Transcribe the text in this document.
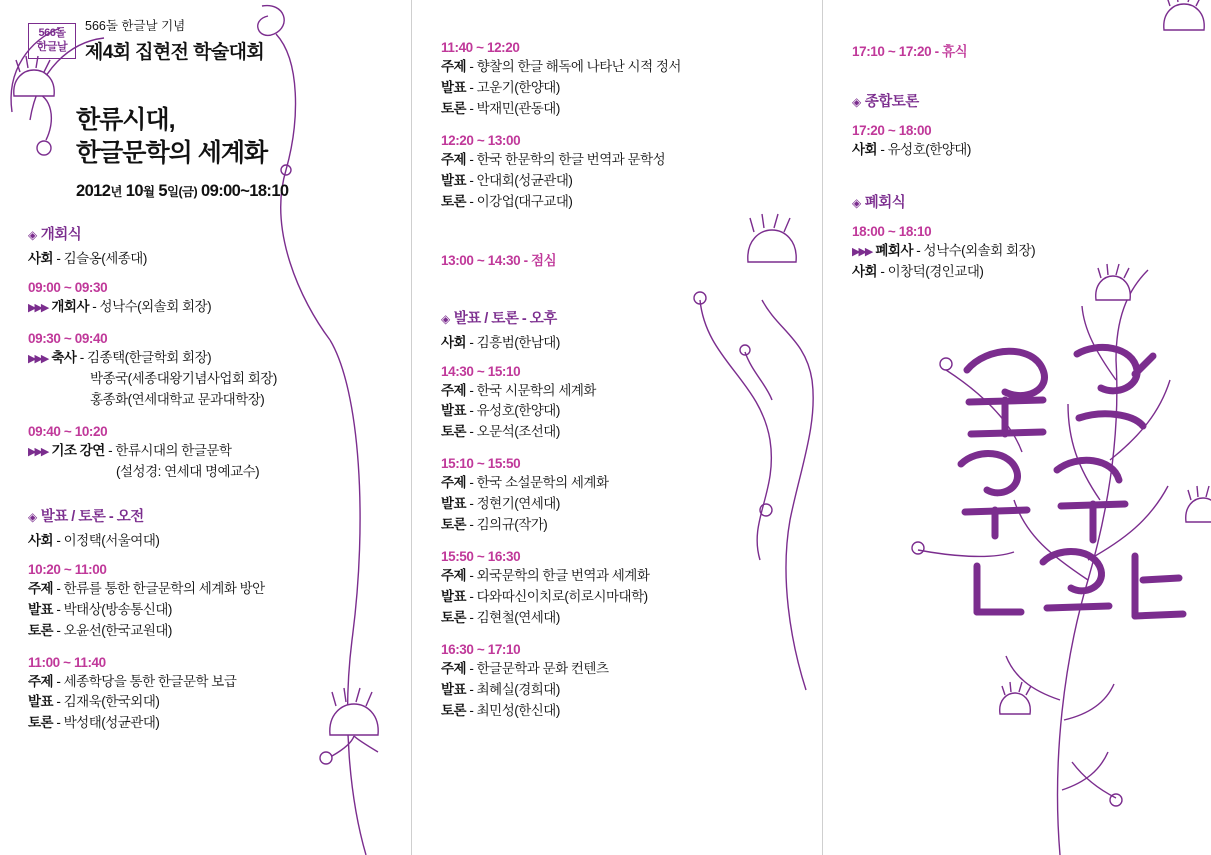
566돌
한글날
566돌 한글날 기념
제4회 집현전 학술대회
한류시대,
한글문학의 세계화
2012년 10월 5일(금) 09:00~18:10
◈ 개회식
사회 - 김슬옹(세종대)
09:00 ~ 09:30
▶▶▶ 개회사 - 성낙수(외솔회 회장)
09:30 ~ 09:40
▶▶▶ 축사 - 김종택(한글학회 회장)
박종국(세종대왕기념사업회 회장)
홍종화(연세대학교 문과대학장)
09:40 ~ 10:20
▶▶▶ 기조 강연 - 한류시대의 한글문학
(설성경: 연세대 명예교수)
◈ 발표 / 토론 - 오전
사회 - 이정택(서울여대)
10:20 ~ 11:00
주제 - 한류를 통한 한글문학의 세계화 방안
발표 - 박태상(방송통신대)
토론 - 오윤선(한국교원대)
11:00 ~ 11:40
주제 - 세종학당을 통한 한글문학 보급
발표 - 김재욱(한국외대)
토론 - 박성태(성균관대)
11:40 ~ 12:20
주제 - 향찰의 한글 해독에 나타난 시적 정서
발표 - 고운기(한양대)
토론 - 박재민(관동대)
12:20 ~ 13:00
주제 - 한국 한문학의 한글 번역과 문학성
발표 - 안대회(성균관대)
토론 - 이강업(대구교대)
13:00 ~ 14:30 - 점심
◈ 발표 / 토론 - 오후
사회 - 김흥범(한남대)
14:30 ~ 15:10
주제 - 한국 시문학의 세계화
발표 - 유성호(한양대)
토론 - 오문석(조선대)
15:10 ~ 15:50
주제 - 한국 소설문학의 세계화
발표 - 정현기(연세대)
토론 - 김의규(작가)
15:50 ~ 16:30
주제 - 외국문학의 한글 번역과 세계화
발표 - 다와따신이치로(히로시마대학)
토론 - 김현철(연세대)
16:30 ~ 17:10
주제 - 한글문학과 문화 컨텐츠
발표 - 최혜실(경희대)
토론 - 최민성(한신대)
17:10 ~ 17:20 - 휴식
◈ 종합토론
17:20 ~ 18:00
사회 - 유성호(한양대)
◈ 폐회식
18:00 ~ 18:10
▶▶▶ 폐회사 - 성낙수(외솔회 회장)
사회 - 이창덕(경인교대)
